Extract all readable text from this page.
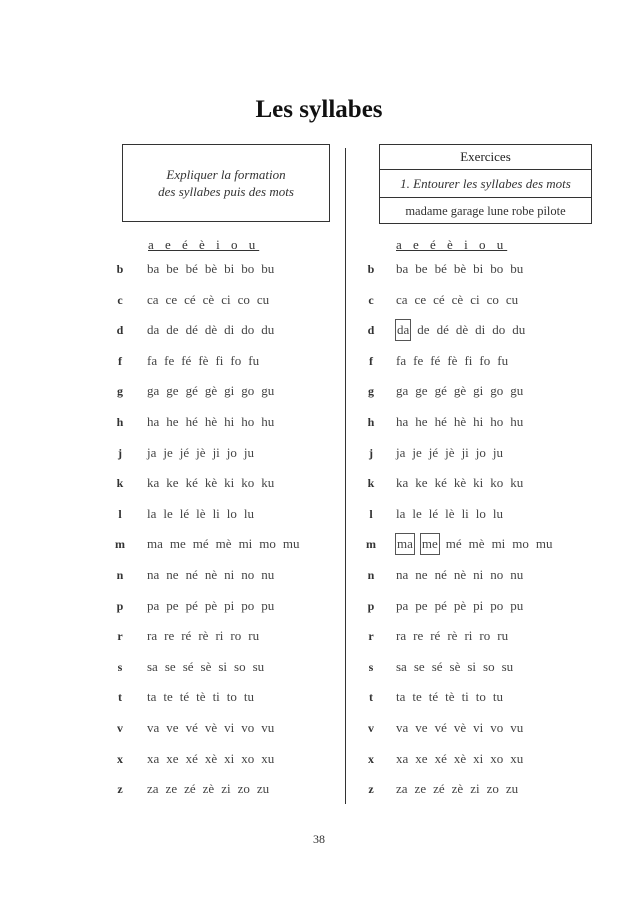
Les syllabes
Expliquer la formation
des syllabes puis des mots
Exercices
1. Entourer les syllabes des mots
madame garage lune robe pilote
a e é è i o u	a e é è i o u
b	ba be bé bè bi bo bu
c	ca ce cé cè ci co cu
d	da de dé dè di do du
f	fa fe fé fè fi fo fu
g	ga ge gé gè gi go gu
h	ha he hé hè hi ho hu
j	ja je jé jè ji jo ju
k	ka ke ké kè ki ko ku
l	la le lé lè li lo lu
m	ma me mé mè mi mo mu
n	na ne né nè ni no nu
p	pa pe pé pè pi po pu
r	ra re ré rè ri ro ru
s	sa se sé sè si so su
t	ta te té tè ti to tu
v	va ve vé vè vi vo vu
x	xa xe xé xè xi xo xu
z	za ze zé zè zi zo zu
b	ba be bé bè bi bo bu
c	ca ce cé cè ci co cu
d	da de dé dè di do du
f	fa fe fé fè fi fo fu
g	ga ge gé gè gi go gu
h	ha he hé hè hi ho hu
j	ja je jé jè ji jo ju
k	ka ke ké kè ki ko ku
l	la le lé lè li lo lu
m	ma me mé mè mi mo mu
n	na ne né nè ni no nu
p	pa pe pé pè pi po pu
r	ra re ré rè ri ro ru
s	sa se sé sè si so su
t	ta te té tè ti to tu
v	va ve vé vè vi vo vu
x	xa xe xé xè xi xo xu
z	za ze zé zè zi zo zu
38
